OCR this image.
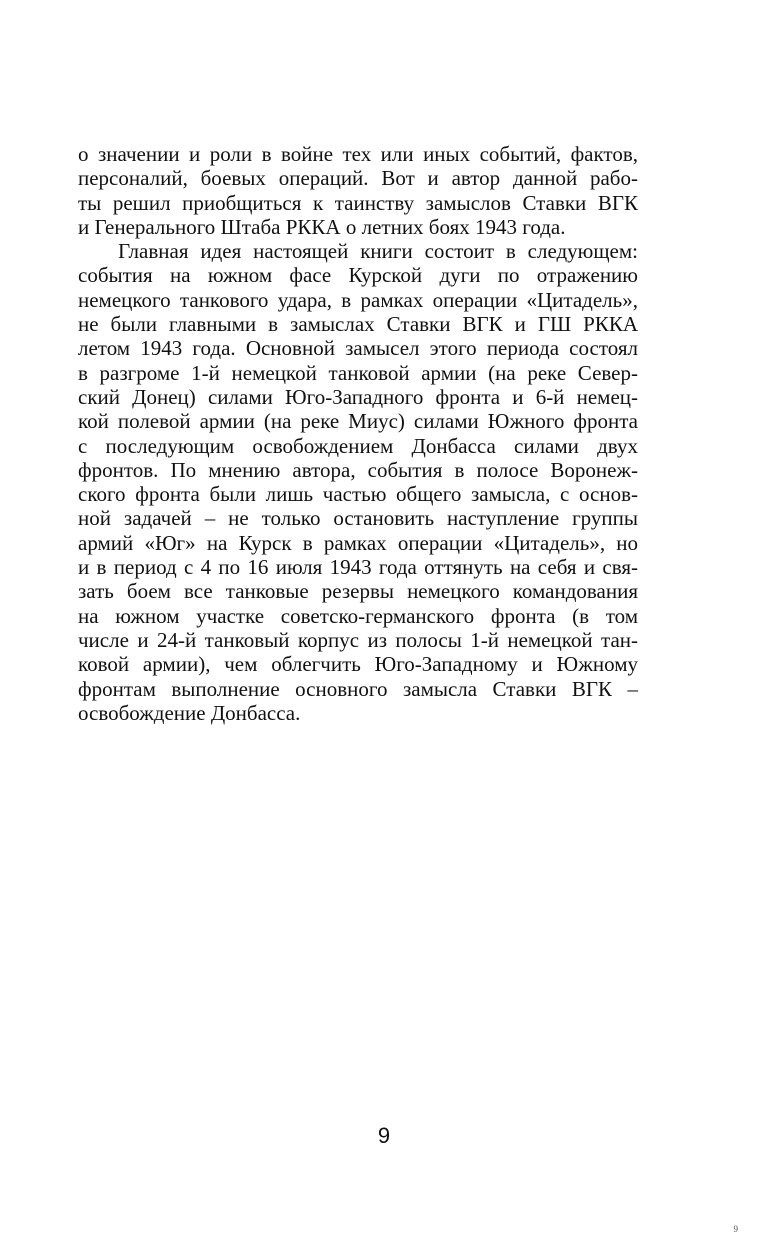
о значении и роли в войне тех или иных событий, фактов,
персоналий, боевых операций. Вот и автор данной рабо-
ты решил приобщиться к таинству замыслов Ставки ВГК
и Генерального Штаба РККА о летних боях 1943 года.
Главная идея настоящей книги состоит в следующем:
события на южном фасе Курской дуги по отражению
немецкого танкового удара, в рамках операции «Цитадель»,
не были главными в замыслах Ставки ВГК и ГШ РККА
летом 1943 года. Основной замысел этого периода состоял
в разгроме 1-й немецкой танковой армии (на реке Север-
ский Донец) силами Юго-Западного фронта и 6-й немец-
кой полевой армии (на реке Миус) силами Южного фронта
с последующим освобождением Донбасса силами двух
фронтов. По мнению автора, события в полосе Воронеж-
ского фронта были лишь частью общего замысла, с основ-
ной задачей – не только остановить наступление группы
армий «Юг» на Курск в рамках операции «Цитадель», но
и в период с 4 по 16 июля 1943 года оттянуть на себя и свя-
зать боем все танковые резервы немецкого командования
на южном участке советско-германского фронта (в том
числе и 24-й танковый корпус из полосы 1-й немецкой тан-
ковой армии), чем облегчить Юго-Западному и Южному
фронтам выполнение основного замысла Ставки ВГК –
освобождение Донбасса.
9
9
